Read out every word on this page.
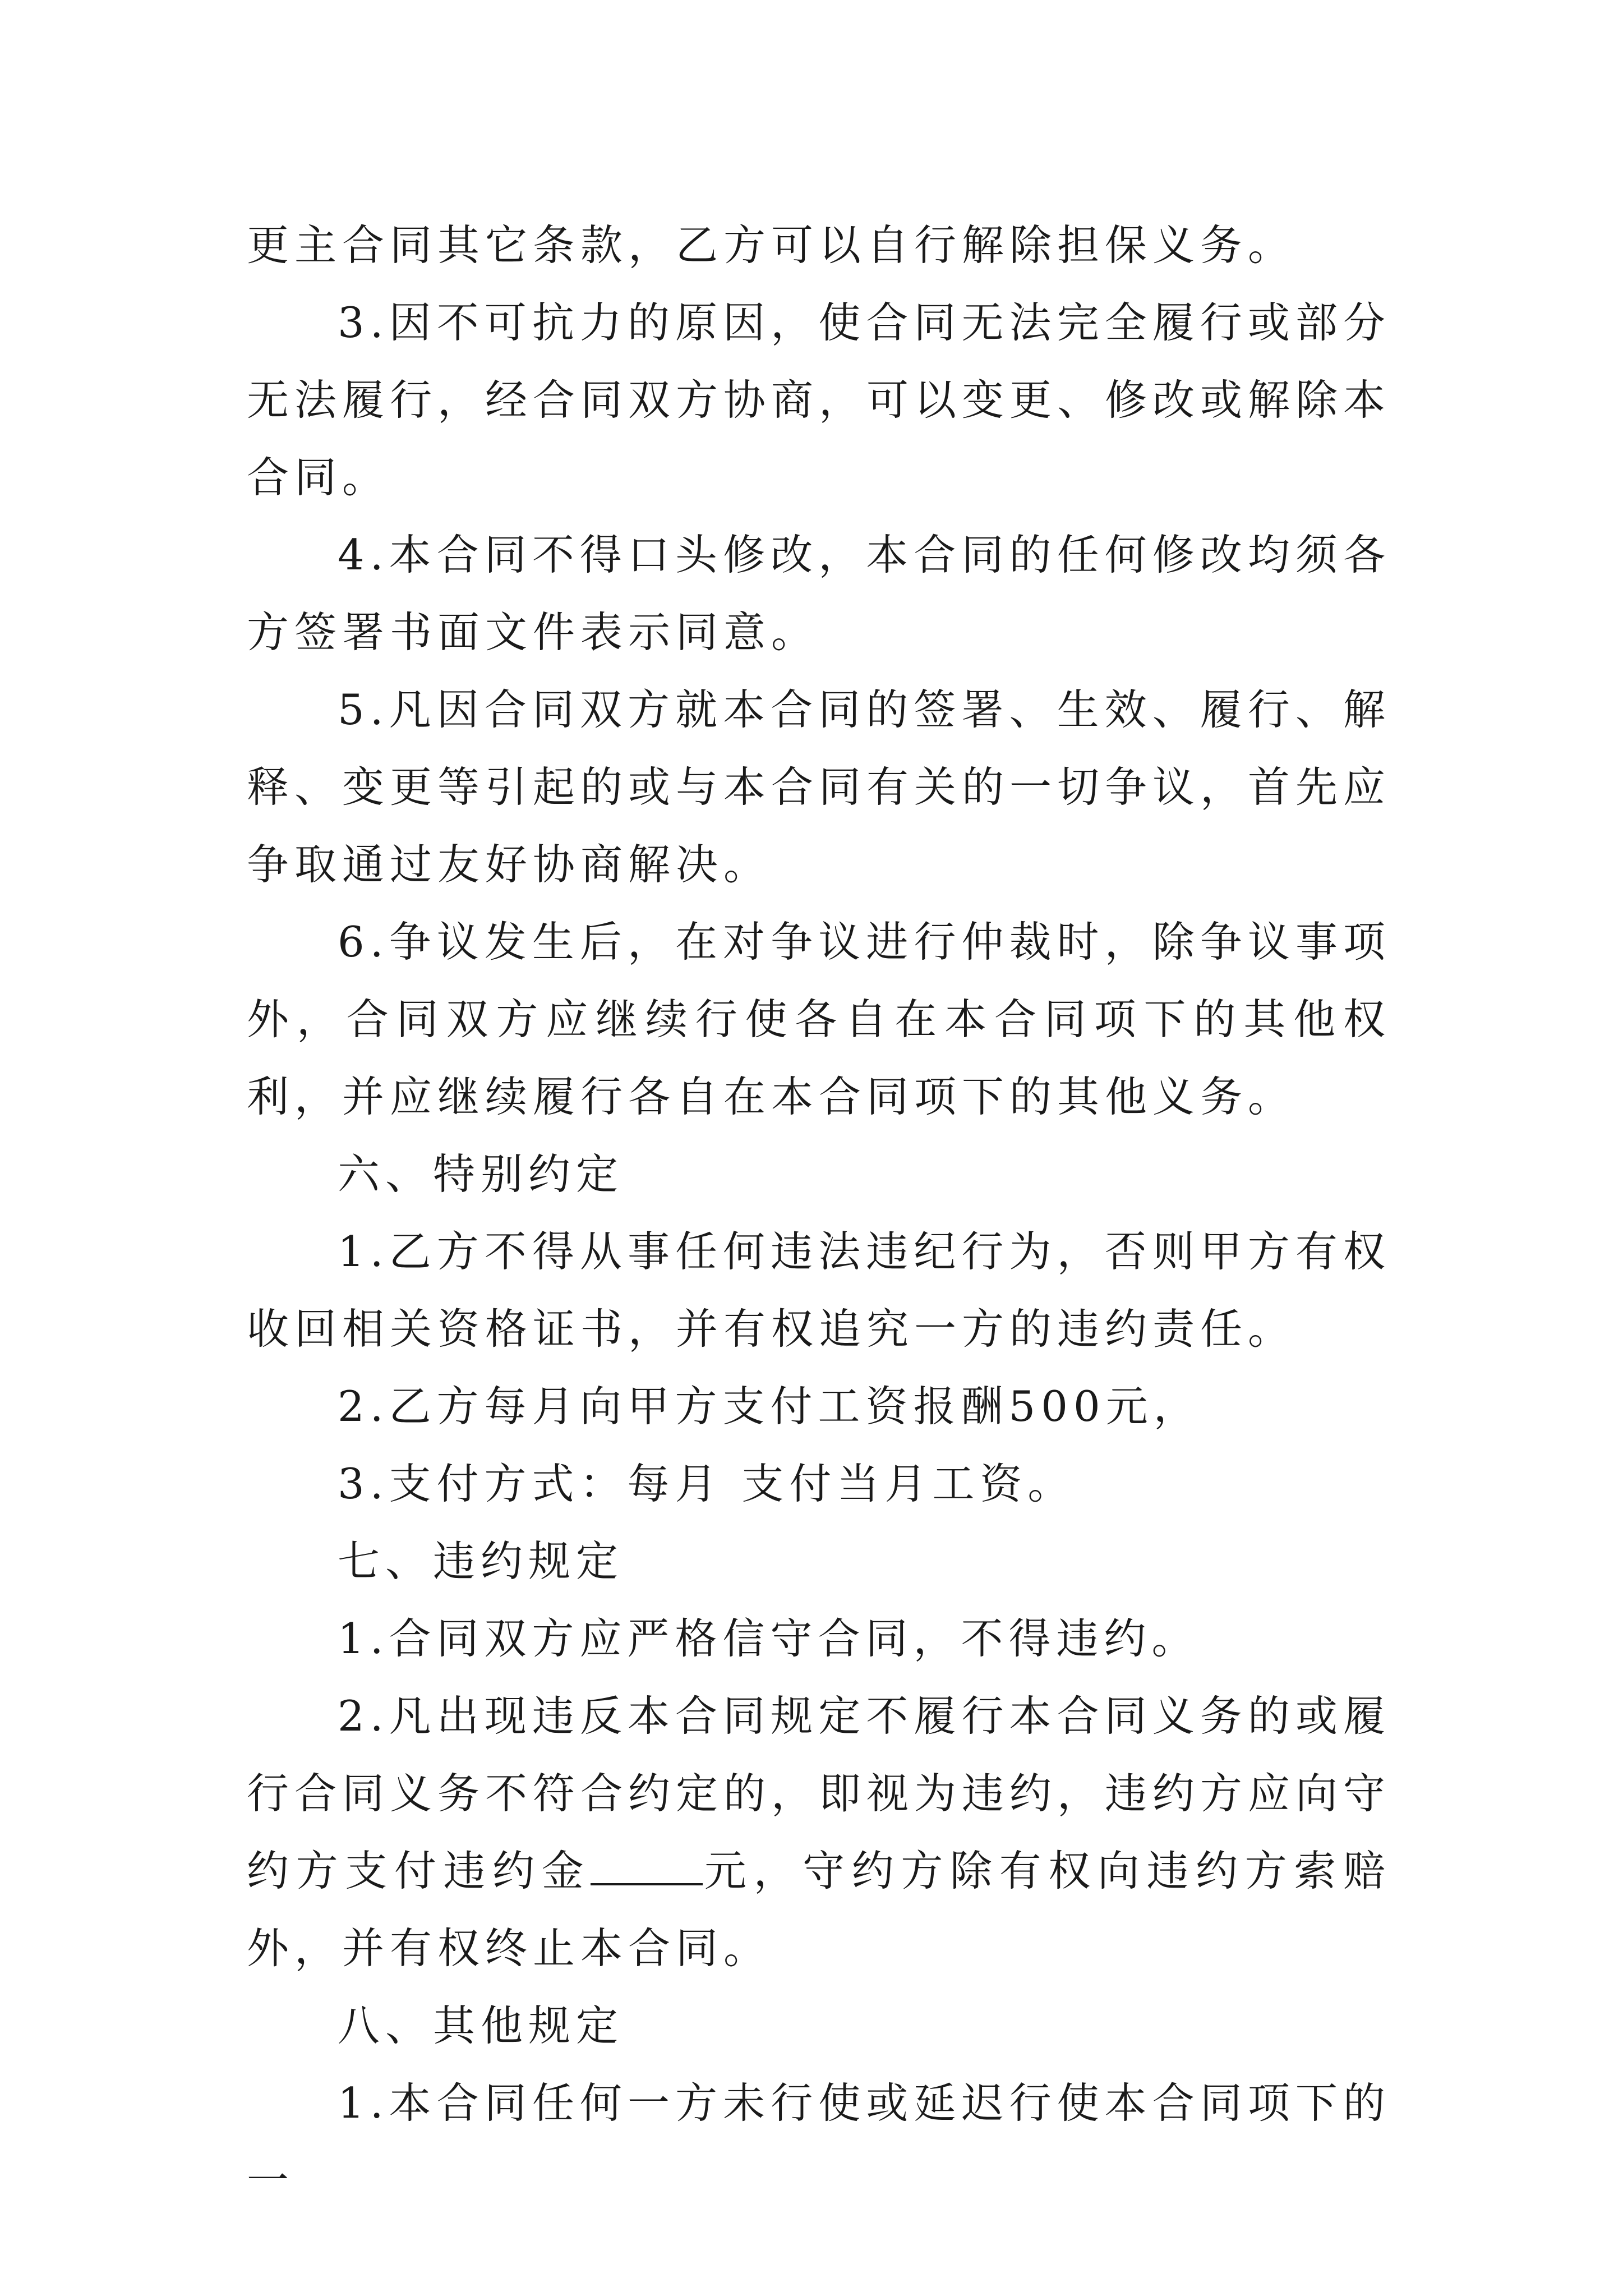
更主合同其它条款，乙方可以自行解除担保义务。

3.因不可抗力的原因，使合同无法完全履行或部分无法履行，经合同双方协商，可以变更、修改或解除本合同。

4.本合同不得口头修改，本合同的任何修改均须各方签署书面文件表示同意。

5.凡因合同双方就本合同的签署、生效、履行、解释、变更等引起的或与本合同有关的一切争议，首先应争取通过友好协商解决。

6.争议发生后，在对争议进行仲裁时，除争议事项外，合同双方应继续行使各自在本合同项下的其他权利，并应继续履行各自在本合同项下的其他义务。

六、特别约定

1.乙方不得从事任何违法违纪行为，否则甲方有权收回相关资格证书，并有权追究一方的违约责任。

2.乙方每月向甲方支付工资报酬500元，

3.支付方式：每月 支付当月工资。

七、违约规定

1.合同双方应严格信守合同，不得违约。

2.凡出现违反本合同规定不履行本合同义务的或履行合同义务不符合约定的，即视为违约，违约方应向守约方支付违约金	元，守约方除有权向违约方索赔外，并有权终止本合同。

八、其他规定

1.本合同任何一方未行使或延迟行使本合同项下的一
